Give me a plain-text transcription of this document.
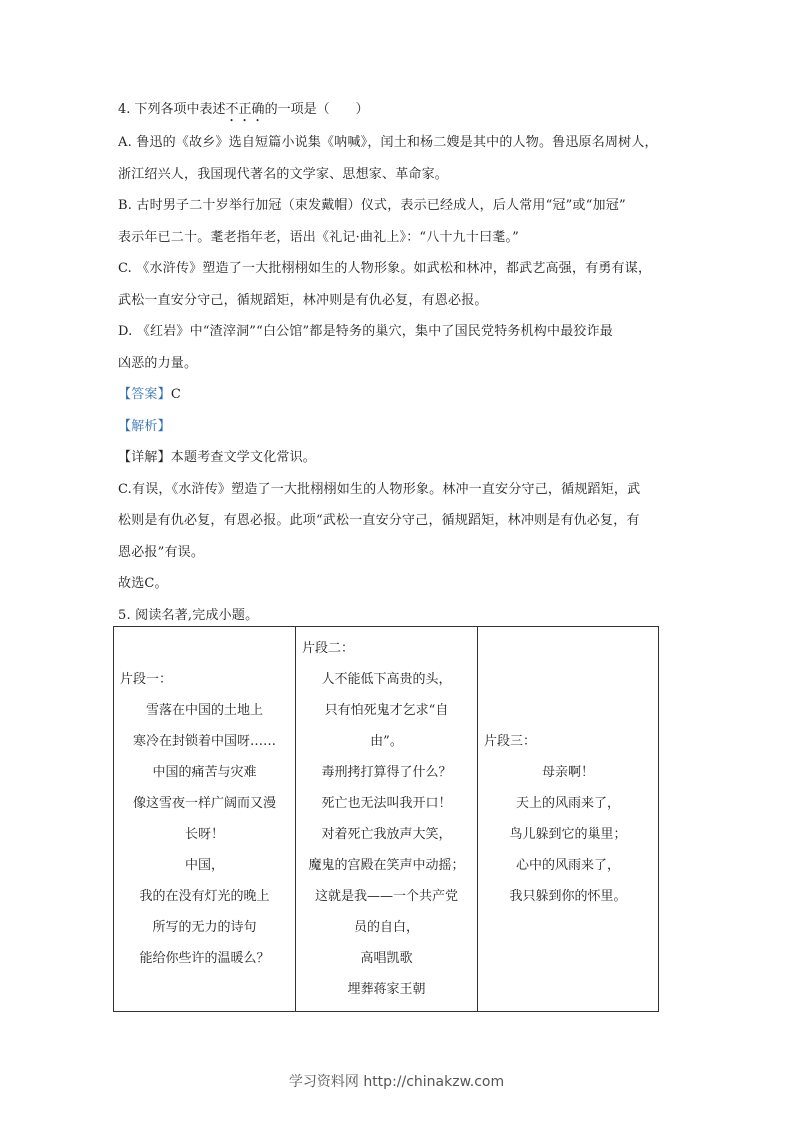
4. 下列各项中表述不正确的一项是（　　）
A. 鲁迅的《故乡》选自短篇小说集《呐喊》，闰土和杨二嫂是其中的人物。鲁迅原名周树人，
浙江绍兴人，我国现代著名的文学家、思想家、革命家。
B. 古时男子二十岁举行加冠（束发戴帽）仪式，表示已经成人，后人常用“冠”或“加冠”
表示年已二十。耄老指年老，语出《礼记·曲礼上》：“八十九十曰耄。”
C. 《水浒传》塑造了一大批栩栩如生的人物形象。如武松和林冲，都武艺高强，有勇有谋，
武松一直安分守己，循规蹈矩，林冲则是有仇必复，有恩必报。
D. 《红岩》中“渣滓洞”“白公馆”都是特务的巢穴，集中了国民党特务机构中最狡诈最
凶恶的力量。
【答案】C
【解析】
【详解】本题考查文学文化常识。
C.有误，《水浒传》塑造了一大批栩栩如生的人物形象。林冲一直安分守己，循规蹈矩，武
松则是有仇必复，有恩必报。此项“武松一直安分守己，循规蹈矩，林冲则是有仇必复，有
恩必报”有误。
故选C。
5. 阅读名著,完成小题。
片段一：
雪落在中国的土地上
寒冷在封锁着中国呀……
中国的痛苦与灾难
像这雪夜一样广阔而又漫
长呀！
中国，
我的在没有灯光的晚上
所写的无力的诗句
能给你些许的温暖么？

片段二：
人不能低下高贵的头，
只有怕死鬼才乞求“自
由”。
毒刑拷打算得了什么？
死亡也无法叫我开口！
对着死亡我放声大笑，
魔鬼的宫殿在笑声中动摇；
这就是我——一个共产党
员的自白，
高唱凯歌
埋葬蒋家王朝

片段三：
母亲啊！
天上的风雨来了，
鸟儿躲到它的巢里；
心中的风雨来了，
我只躲到你的怀里。
学习资料网 http://chinakzw.com
